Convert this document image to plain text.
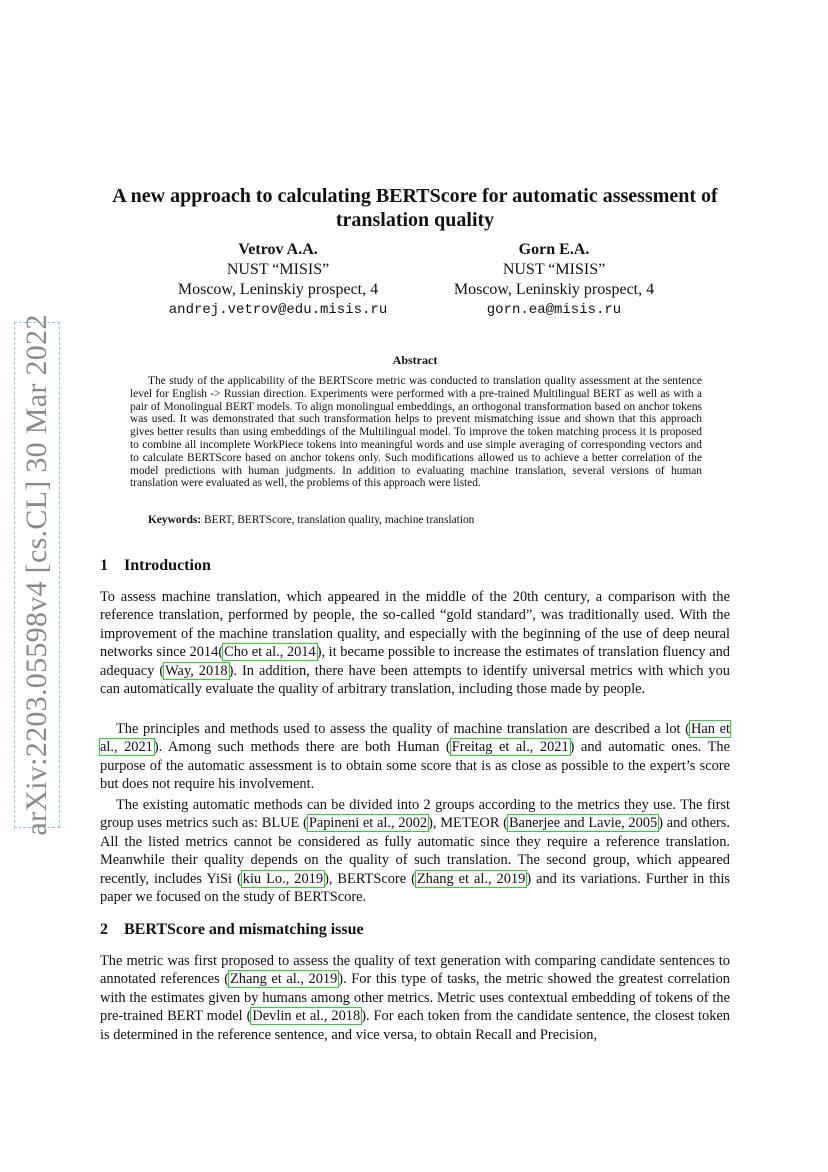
arXiv:2203.05598v4 [cs.CL] 30 Mar 2022
A new approach to calculating BERTScore for automatic assessment of translation quality
Vetrov A.A.
NUST “MISIS”
Moscow, Leninskiy prospect, 4
andrej.vetrov@edu.misis.ru
Gorn E.A.
NUST “MISIS”
Moscow, Leninskiy prospect, 4
gorn.ea@misis.ru
Abstract

The study of the applicability of the BERTScore metric was conducted to translation quality assessment at the sentence level for English -> Russian direction. Experiments were performed with a pre-trained Multilingual BERT as well as with a pair of Monolingual BERT models. To align monolingual embeddings, an orthogonal transformation based on anchor tokens was used. It was demonstrated that such transformation helps to prevent mismatching issue and shown that this approach gives better results than using embeddings of the Multilingual model. To improve the token matching process it is proposed to combine all incomplete WorkPiece tokens into meaningful words and use simple averaging of corresponding vectors and to calculate BERTScore based on anchor tokens only. Such modifications allowed us to achieve a better correlation of the model predictions with human judgments. In addition to evaluating machine translation, several versions of human translation were evaluated as well, the problems of this approach were listed.

Keywords: BERT, BERTScore, translation quality, machine translation
1 Introduction

To assess machine translation, which appeared in the middle of the 20th century, a comparison with the reference translation, performed by people, the so-called “gold standard”, was traditionally used. With the improvement of the machine translation quality, and especially with the beginning of the use of deep neural networks since 2014(Cho et al., 2014), it became possible to increase the estimates of translation fluency and adequacy (Way, 2018). In addition, there have been attempts to identify universal metrics with which you can automatically evaluate the quality of arbitrary translation, including those made by people.

The principles and methods used to assess the quality of machine translation are described a lot (Han et al., 2021). Among such methods there are both Human (Freitag et al., 2021) and automatic ones. The purpose of the automatic assessment is to obtain some score that is as close as possible to the expert’s score but does not require his involvement.

The existing automatic methods can be divided into 2 groups according to the metrics they use. The first group uses metrics such as: BLUE (Papineni et al., 2002), METEOR (Banerjee and Lavie, 2005) and others. All the listed metrics cannot be considered as fully automatic since they require a reference translation. Meanwhile their quality depends on the quality of such translation. The second group, which appeared recently, includes YiSi (kiu Lo., 2019), BERTScore (Zhang et al., 2019) and its variations. Further in this paper we focused on the study of BERTScore.

2 BERTScore and mismatching issue

The metric was first proposed to assess the quality of text generation with comparing candidate sentences to annotated references (Zhang et al., 2019). For this type of tasks, the metric showed the greatest correlation with the estimates given by humans among other metrics. Metric uses contextual embedding of tokens of the pre-trained BERT model (Devlin et al., 2018). For each token from the candidate sentence, the closest token is determined in the reference sentence, and vice versa, to obtain Recall and Precision,
